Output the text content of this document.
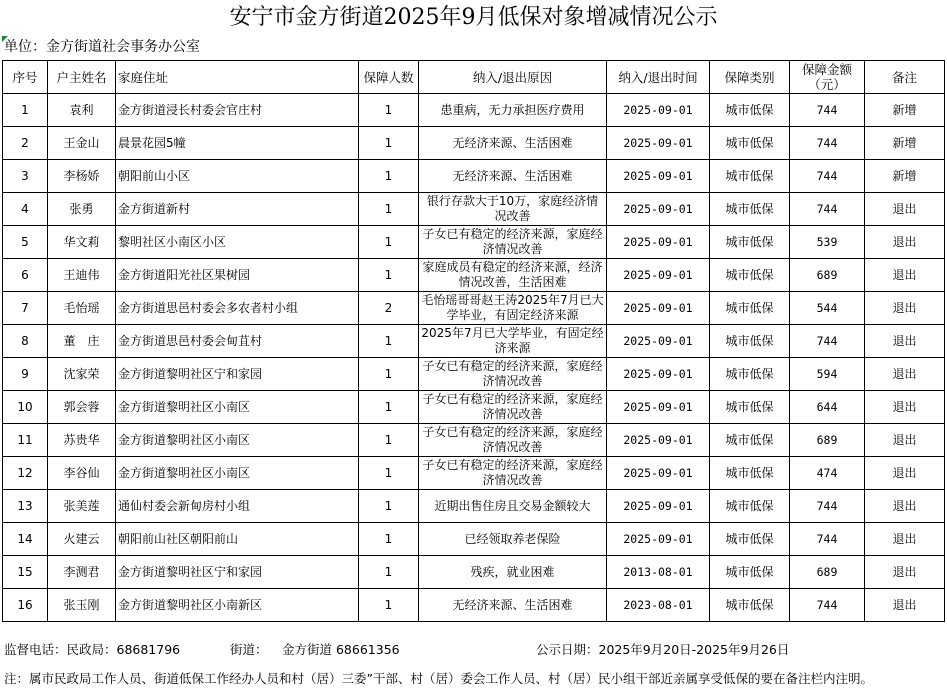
安宁市金方街道2025年9月低保对象增减情况公示
单位：金方街道社会事务办公室
序号	户主姓名	家庭住址	保障人数	纳入/退出原因	纳入/退出时间	保障类别	保障金额（元）	备注
1	袁利	金方街道浸长村委会官庄村	1	患重病，无力承担医疗费用	2025-09-01	城市低保	744	新增
2	王金山	晨景花园5幢	1	无经济来源、生活困难	2025-09-01	城市低保	744	新增
3	李杨娇	朝阳前山小区	1	无经济来源、生活困难	2025-09-01	城市低保	744	新增
4	张勇	金方街道新村	1	银行存款大于10万，家庭经济情况改善	2025-09-01	城市低保	744	退出
5	华文莉	黎明社区小南区小区	1	子女已有稳定的经济来源，家庭经济情况改善	2025-09-01	城市低保	539	退出
6	王迪伟	金方街道阳光社区果树园	1	家庭成员有稳定的经济来源，经济情况改善，生活困难	2025-09-01	城市低保	689	退出
7	毛怡瑶	金方街道思邑村委会多农者村小组	2	毛怡瑶哥哥赵王涛2025年7月已大学毕业，有固定经济来源	2025-09-01	城市低保	544	退出
8	董　庄	金方街道思邑村委会甸苴村	1	2025年7月已大学毕业，有固定经济来源	2025-09-01	城市低保	744	退出
9	沈家荣	金方街道黎明社区宁和家园	1	子女已有稳定的经济来源，家庭经济情况改善	2025-09-01	城市低保	594	退出
10	郭会蓉	金方街道黎明社区小南区	1	子女已有稳定的经济来源，家庭经济情况改善	2025-09-01	城市低保	644	退出
11	苏贵华	金方街道黎明社区小南区	1	子女已有稳定的经济来源，家庭经济情况改善	2025-09-01	城市低保	689	退出
12	李谷仙	金方街道黎明社区小南区	1	子女已有稳定的经济来源，家庭经济情况改善	2025-09-01	城市低保	474	退出
13	张美莲	通仙村委会新甸房村小组	1	近期出售住房且交易金额较大	2025-09-01	城市低保	744	退出
14	火建云	朝阳前山社区朝阳前山	1	已经领取养老保险	2025-09-01	城市低保	744	退出
15	李测君	金方街道黎明社区宁和家园	1	残疾，就业困难	2013-08-01	城市低保	689	退出
16	张玉刚	金方街道黎明社区小南新区	1	无经济来源、生活困难	2023-08-01	城市低保	744	退出
监督电话：民政局：68681796	街道： 金方街道 68661356	公示日期：2025年9月20日-2025年9月26日
注：属市民政局工作人员、街道低保工作经办人员和村（居）三委”干部、村（居）委会工作人员、村（居）民小组干部近亲属享受低保的要在备注栏内注明。
